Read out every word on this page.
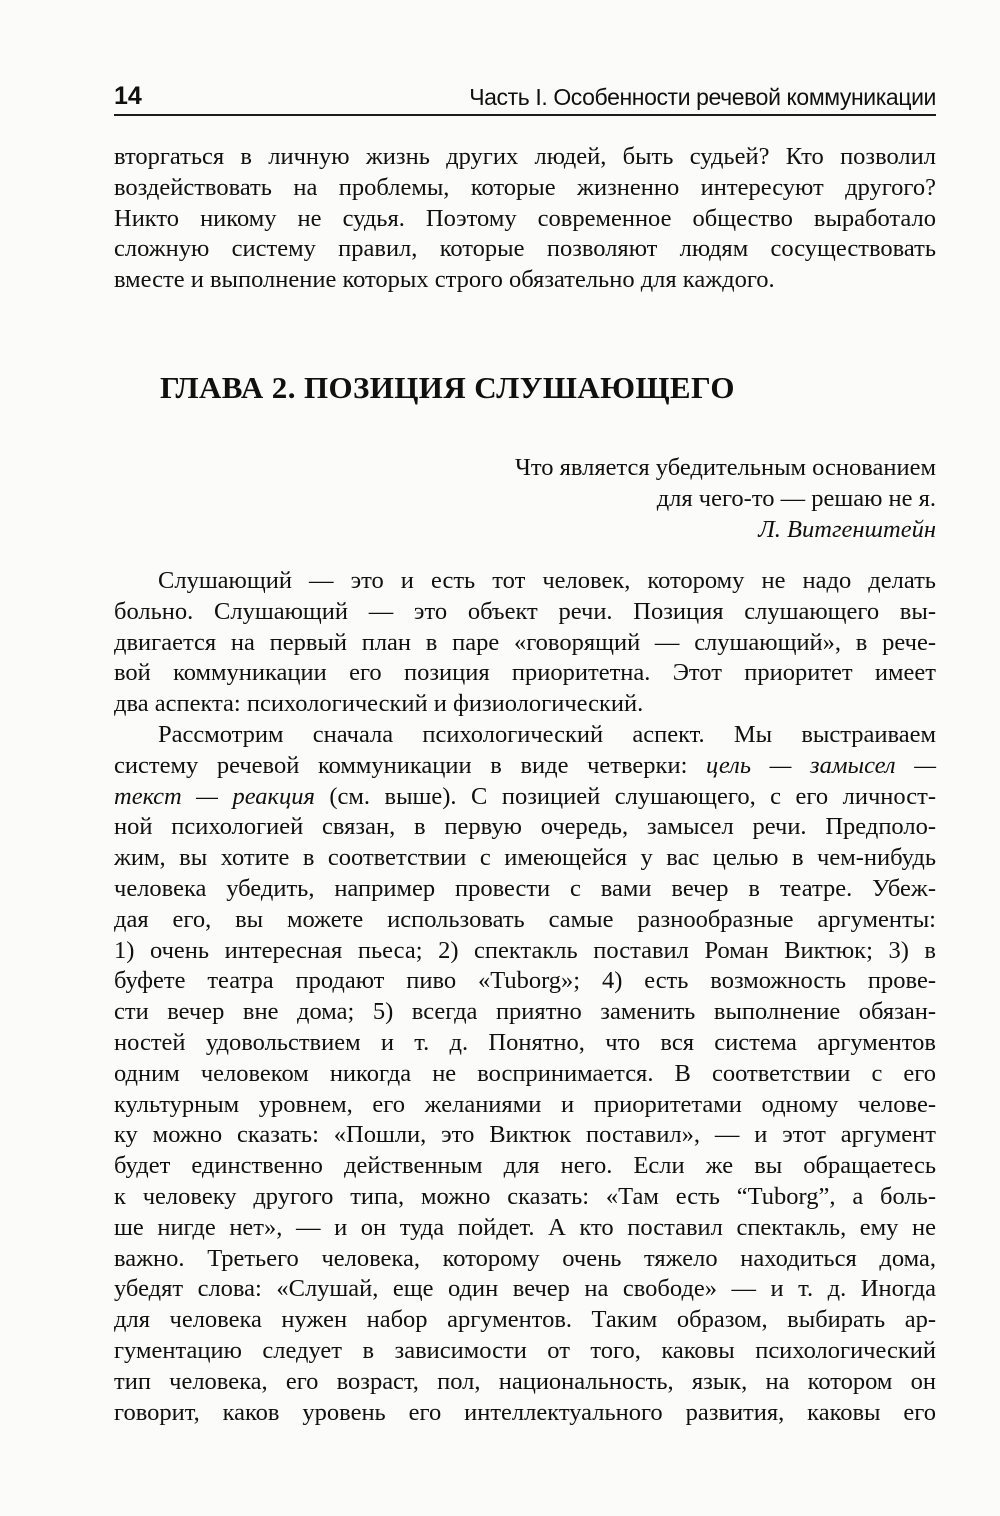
14	Часть I. Особенности речевой коммуникации
вторгаться в личную жизнь других людей, быть судьей? Кто позволил
воздействовать на проблемы, которые жизненно интересуют другого?
Никто никому не судья. Поэтому современное общество выработало
сложную систему правил, которые позволяют людям сосуществовать
вместе и выполнение которых строго обязательно для каждого.
ГЛАВА 2. ПОЗИЦИЯ СЛУШАЮЩЕГО
Что является убедительным основанием
для чего-то — решаю не я.
Л. Витгенштейн
Слушающий — это и есть тот человек, которому не надо делать
больно. Слушающий — это объект речи. Позиция слушающего вы-
двигается на первый план в паре «говорящий — слушающий», в рече-
вой коммуникации его позиция приоритетна. Этот приоритет имеет
два аспекта: психологический и физиологический.
Рассмотрим сначала психологический аспект. Мы выстраиваем
систему речевой коммуникации в виде четверки: цель — замысел —
текст — реакция (см. выше). С позицией слушающего, с его личност-
ной психологией связан, в первую очередь, замысел речи. Предполо-
жим, вы хотите в соответствии с имеющейся у вас целью в чем-нибудь
человека убедить, например провести с вами вечер в театре. Убеж-
дая его, вы можете использовать самые разнообразные аргументы:
1) очень интересная пьеса; 2) спектакль поставил Роман Виктюк; 3) в
буфете театра продают пиво «Tuborg»; 4) есть возможность прове-
сти вечер вне дома; 5) всегда приятно заменить выполнение обязан-
ностей удовольствием и т. д. Понятно, что вся система аргументов
одним человеком никогда не воспринимается. В соответствии с его
культурным уровнем, его желаниями и приоритетами одному челове-
ку можно сказать: «Пошли, это Виктюк поставил», — и этот аргумент
будет единственно действенным для него. Если же вы обращаетесь
к человеку другого типа, можно сказать: «Там есть “Tuborg”, а боль-
ше нигде нет», — и он туда пойдет. А кто поставил спектакль, ему не
важно. Третьего человека, которому очень тяжело находиться дома,
убедят слова: «Слушай, еще один вечер на свободе» — и т. д. Иногда
для человека нужен набор аргументов. Таким образом, выбирать ар-
гументацию следует в зависимости от того, каковы психологический
тип человека, его возраст, пол, национальность, язык, на котором он
говорит, каков уровень его интеллектуального развития, каковы его
